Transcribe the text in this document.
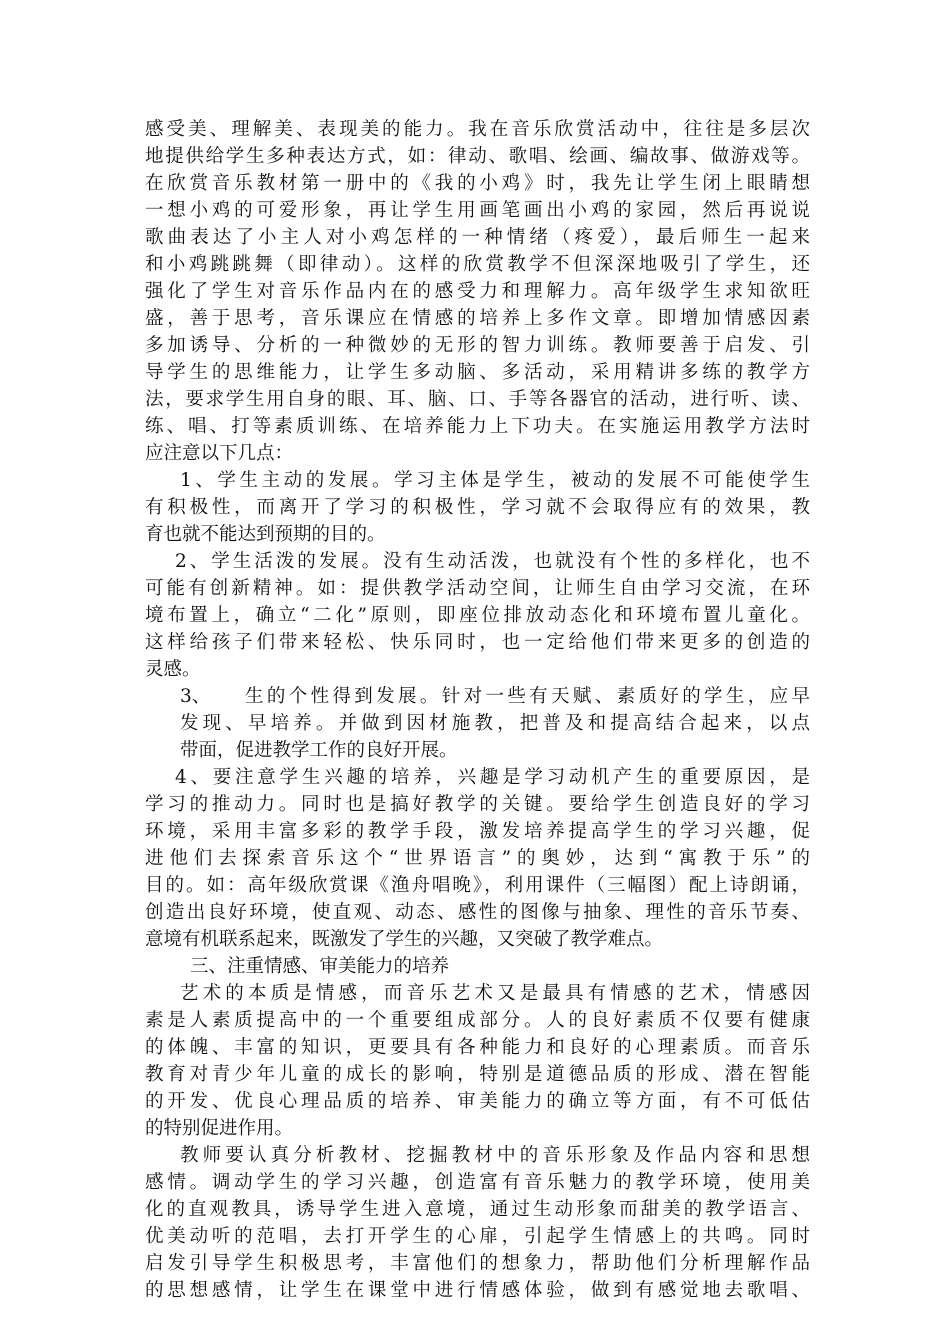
感受美、理解美、表现美的能力。我在音乐欣赏活动中，往往是多层次
地提供给学生多种表达方式，如：律动、歌唱、绘画、编故事、做游戏等。
在欣赏音乐教材第一册中的《我的小鸡》时，我先让学生闭上眼睛想
一想小鸡的可爱形象，再让学生用画笔画出小鸡的家园，然后再说说
歌曲表达了小主人对小鸡怎样的一种情绪（疼爱），最后师生一起来
和小鸡跳跳舞（即律动）。这样的欣赏教学不但深深地吸引了学生，还
强化了学生对音乐作品内在的感受力和理解力。高年级学生求知欲旺
盛，善于思考，音乐课应在情感的培养上多作文章。即增加情感因素
多加诱导、分析的一种微妙的无形的智力训练。教师要善于启发、引
导学生的思维能力，让学生多动脑、多活动，采用精讲多练的教学方
法，要求学生用自身的眼、耳、脑、口、手等各器官的活动，进行听、读、
练、唱、打等素质训练、在培养能力上下功夫。在实施运用教学方法时
应注意以下几点：
1、学生主动的发展。学习主体是学生，被动的发展不可能使学生
有积极性，而离开了学习的积极性，学习就不会取得应有的效果，教
育也就不能达到预期的目的。
2、学生活泼的发展。没有生动活泼，也就没有个性的多样化，也不
可能有创新精神。如：提供教学活动空间，让师生自由学习交流，在环
境布置上，确立“二化”原则，即座位排放动态化和环境布置儿童化。
这样给孩子们带来轻松、快乐同时，也一定给他们带来更多的创造的
灵感。
3、	生的个性得到发展。针对一些有天赋、素质好的学生，应早
发现、早培养。并做到因材施教，把普及和提高结合起来，以点
带面，促进教学工作的良好开展。
4、要注意学生兴趣的培养，兴趣是学习动机产生的重要原因，是
学习的推动力。同时也是搞好教学的关键。要给学生创造良好的学习
环境，采用丰富多彩的教学手段，激发培养提高学生的学习兴趣，促
进他们去探索音乐这个“世界语言”的奥妙，达到“寓教于乐”的
目的。如：高年级欣赏课《渔舟唱晚》，利用课件（三幅图）配上诗朗诵，
创造出良好环境，使直观、动态、感性的图像与抽象、理性的音乐节奏、
意境有机联系起来，既激发了学生的兴趣，又突破了教学难点。
三、注重情感、审美能力的培养
艺术的本质是情感，而音乐艺术又是最具有情感的艺术，情感因
素是人素质提高中的一个重要组成部分。人的良好素质不仅要有健康
的体魄、丰富的知识，更要具有各种能力和良好的心理素质。而音乐
教育对青少年儿童的成长的影响，特别是道德品质的形成、潜在智能
的开发、优良心理品质的培养、审美能力的确立等方面，有不可低估
的特别促进作用。
教师要认真分析教材、挖掘教材中的音乐形象及作品内容和思想
感情。调动学生的学习兴趣，创造富有音乐魅力的教学环境，使用美
化的直观教具，诱导学生进入意境，通过生动形象而甜美的教学语言、
优美动听的范唱，去打开学生的心扉，引起学生情感上的共鸣。同时
启发引导学生积极思考，丰富他们的想象力，帮助他们分析理解作品
的思想感情，让学生在课堂中进行情感体验，做到有感觉地去歌唱、
